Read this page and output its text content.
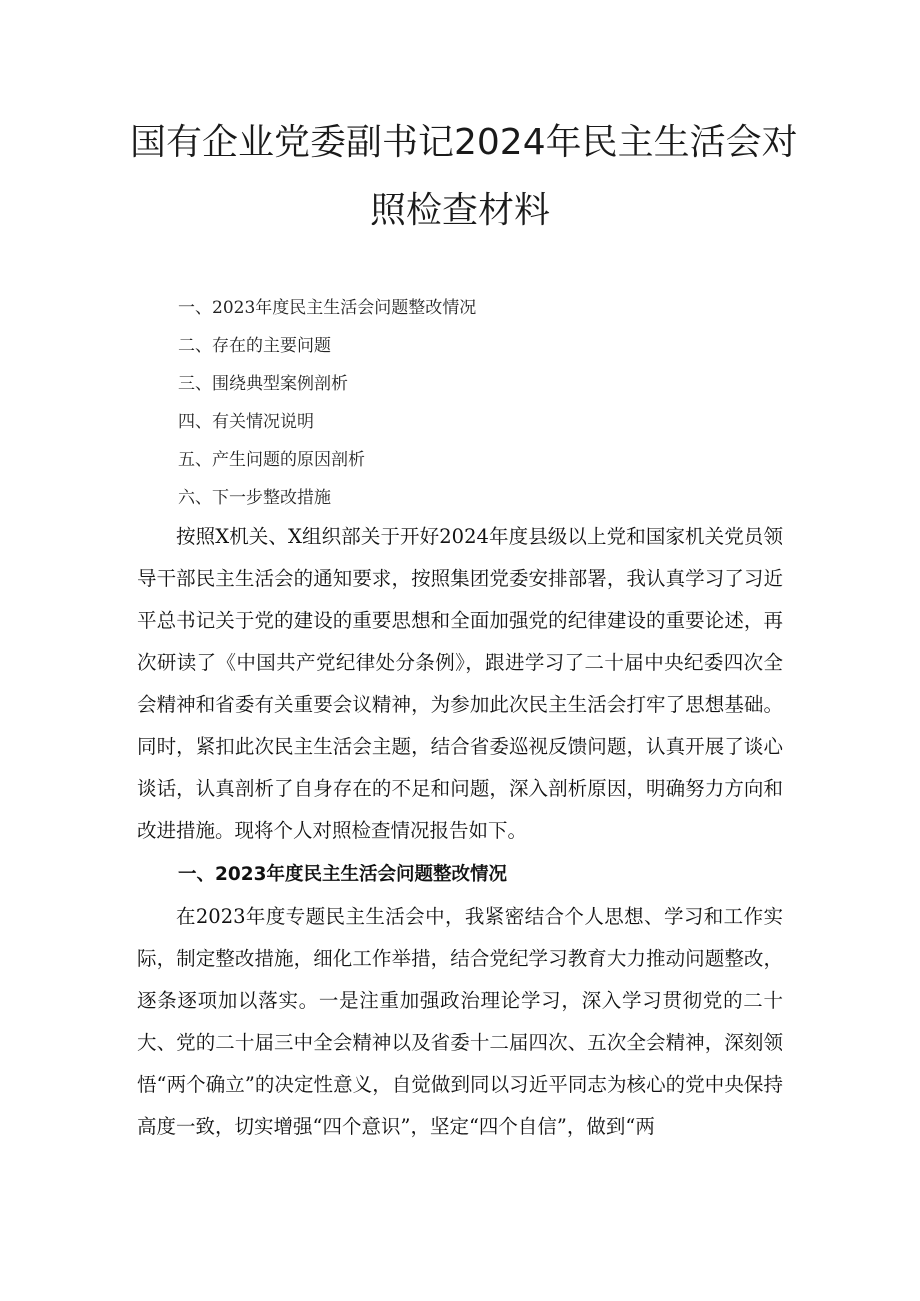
国有企业党委副书记2024年民主生活会对
照检查材料
一、2023年度民主生活会问题整改情况
二、存在的主要问题
三、围绕典型案例剖析
四、有关情况说明
五、产生问题的原因剖析
六、下一步整改措施

按照X机关、X组织部关于开好2024年度县级以上党和国家机关党员领导干部民主生活会的通知要求，按照集团党委安排部署，我认真学习了习近平总书记关于党的建设的重要思想和全面加强党的纪律建设的重要论述，再次研读了《中国共产党纪律处分条例》，跟进学习了二十届中央纪委四次全会精神和省委有关重要会议精神，为参加此次民主生活会打牢了思想基础。同时，紧扣此次民主生活会主题，结合省委巡视反馈问题，认真开展了谈心谈话，认真剖析了自身存在的不足和问题，深入剖析原因，明确努力方向和改进措施。现将个人对照检查情况报告如下。

一、2023年度民主生活会问题整改情况

在2023年度专题民主生活会中，我紧密结合个人思想、学习和工作实际，制定整改措施，细化工作举措，结合党纪学习教育大力推动问题整改，逐条逐项加以落实。一是注重加强政治理论学习，深入学习贯彻党的二十大、党的二十届三中全会精神以及省委十二届四次、五次全会精神，深刻领悟“两个确立”的决定性意义，自觉做到同以习近平同志为核心的党中央保持高度一致，切实增强“四个意识”，坚定“四个自信”，做到“两
